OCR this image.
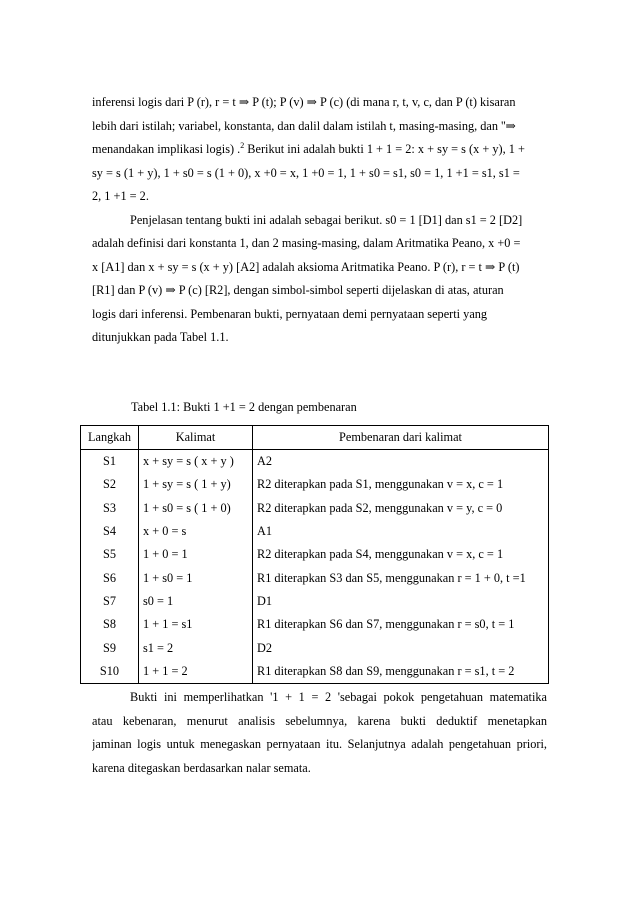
inferensi logis dari P (r), r = t ⇒ P (t); P (v) ⇒ P (c) (di mana r, t, v, c, dan P (t) kisaran
lebih dari istilah; variabel, konstanta, dan dalil dalam istilah t, masing-masing, dan ''⇒
menandakan implikasi logis) .$^2$ Berikut ini adalah bukti 1 + 1 = 2: x + sy = s (x + y), 1 +
sy = s (1 + y), 1 + s0 = s (1 + 0), x +0 = x, 1 +0 = 1, 1 + s0 = s1, s0 = 1, 1 +1 = s1, s1 =
2, 1 +1 = 2.
Penjelasan tentang bukti ini adalah sebagai berikut. s0 = 1 [D1] dan s1 = 2 [D2]
adalah definisi dari konstanta 1, dan 2 masing-masing, dalam Aritmatika Peano, x +0 =
x [A1] dan x + sy = s (x + y) [A2] adalah aksioma Aritmatika Peano. P (r), r = t ⇒ P (t)
[R1] dan P (v) ⇒ P (c) [R2], dengan simbol-simbol seperti dijelaskan di atas, aturan
logis dari inferensi. Pembenaran bukti, pernyataan demi pernyataan seperti yang
ditunjukkan pada Tabel 1.1.
Tabel 1.1: Bukti 1 +1 = 2 dengan pembenaran
Langkah	Kalimat	Pembenaran dari kalimat
S1	x + sy = s ( x + y )	A2
S2	1 + sy = s ( 1 + y)	R2 diterapkan pada S1, menggunakan v = x, c = 1
S3	1 + s0 = s ( 1 + 0)	R2 diterapkan pada S2, menggunakan v = y, c = 0
S4	x + 0 = s	A1
S5	1 + 0 = 1	R2 diterapkan pada S4, menggunakan v = x, c = 1
S6	1 + s0 = 1	R1 diterapkan S3 dan S5, menggunakan r = 1 + 0, t =1
S7	s0 = 1	D1
S8	1 + 1 = s1	R1 diterapkan S6 dan S7, menggunakan r = s0, t = 1
S9	s1 = 2	D2
S10	1 + 1 = 2	R1 diterapkan S8 dan S9, menggunakan r = s1, t = 2
Bukti ini memperlihatkan '1 + 1 = 2 'sebagai pokok pengetahuan matematika
atau kebenaran, menurut analisis sebelumnya, karena bukti deduktif menetapkan
jaminan logis untuk menegaskan pernyataan itu. Selanjutnya adalah pengetahuan priori,
karena ditegaskan berdasarkan nalar semata.
